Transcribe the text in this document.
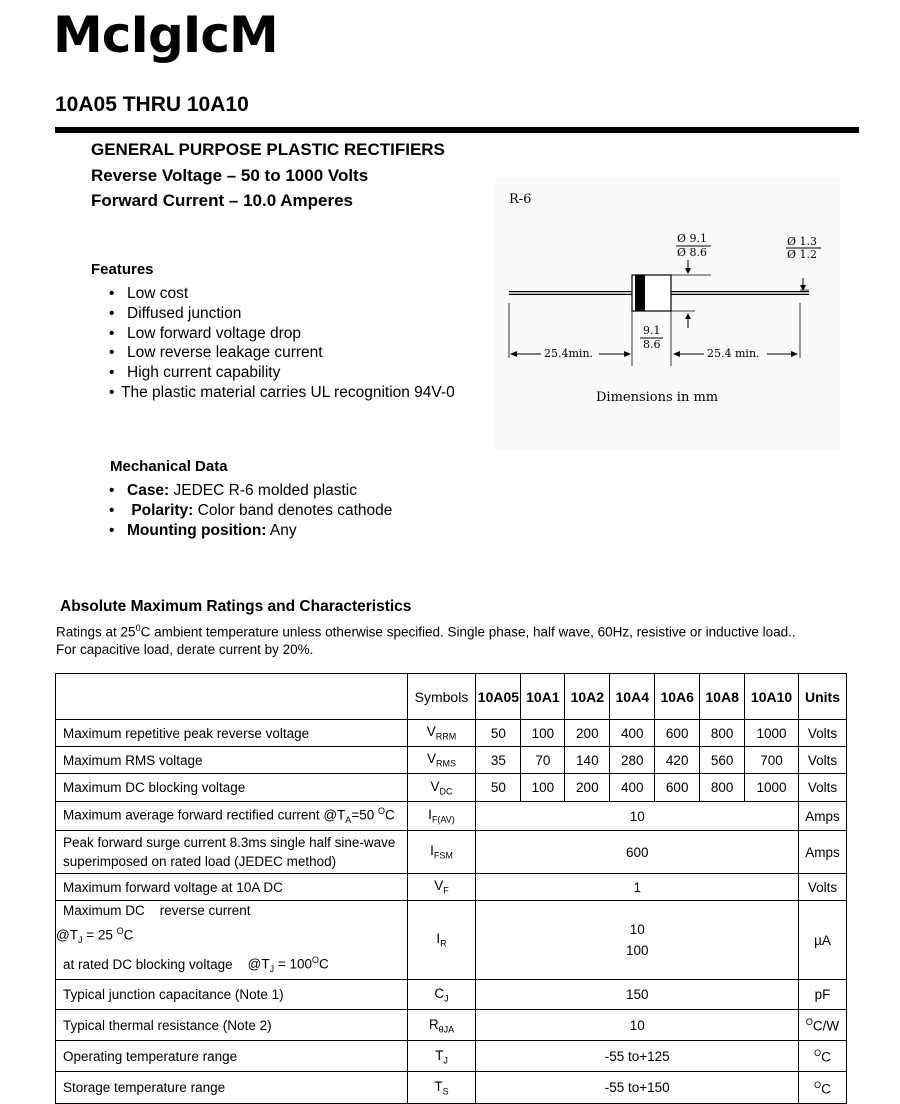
McIgIcM
10A05 THRU 10A10
GENERAL PURPOSE PLASTIC RECTIFIERS
Reverse Voltage – 50 to 1000 Volts
Forward Current – 10.0 Amperes
Features
• Low cost
• Diffused junction
• Low forward voltage drop
• Low reverse leakage current
• High current capability
• The plastic material carries UL recognition 94V-0
Mechanical Data
• Case: JEDEC R-6 molded plastic
• Polarity: Color band denotes cathode
• Mounting position: Any
R-6
Ø 9.1
Ø 8.6
Ø 1.3
Ø 1.2
9.1
8.6
25.4min.	25.4 min.
Dimensions in mm
Absolute Maximum Ratings and Characteristics
Ratings at $25^0C$ ambient temperature unless otherwise specified. Single phase, half wave, 60Hz, resistive or inductive load..
For capacitive load, derate current by 20%.
	Symbols	10A05	10A1	10A2	10A4	10A6	10A8	10A10	Units
Maximum repetitive peak reverse voltage	$V_{RRM}$	50	100	200	400	600	800	1000	Volts
Maximum RMS voltage	$V_{RMS}$	35	70	140	280	420	560	700	Volts
Maximum DC blocking voltage	$V_{DC}$	50	100	200	400	600	800	1000	Volts
Maximum average forward rectified current $@T_A=50$ $^O$C	$I_{F(AV)}$	10							Amps
Peak forward surge current 8.3ms single half sine-wave
superimposed on rated load (JEDEC method)	$I_{FSM}$	600							Amps
Maximum forward voltage at 10A DC	$V_F$	1							Volts
Maximum DC    reverse current
$@T_J = 25$ $^O$C
at rated DC blocking voltage $@T_J = 100^OC$	$I_R$	10
100							µA
Typical junction capacitance (Note 1)	$C_J$	150							pF
Typical thermal resistance (Note 2)	$R_{\theta JA}$	10							$^O$C/W
Operating temperature range	$T_J$	-55 to+125							$^O$C
Storage temperature range	$T_S$	-55 to+150							$^O$C
